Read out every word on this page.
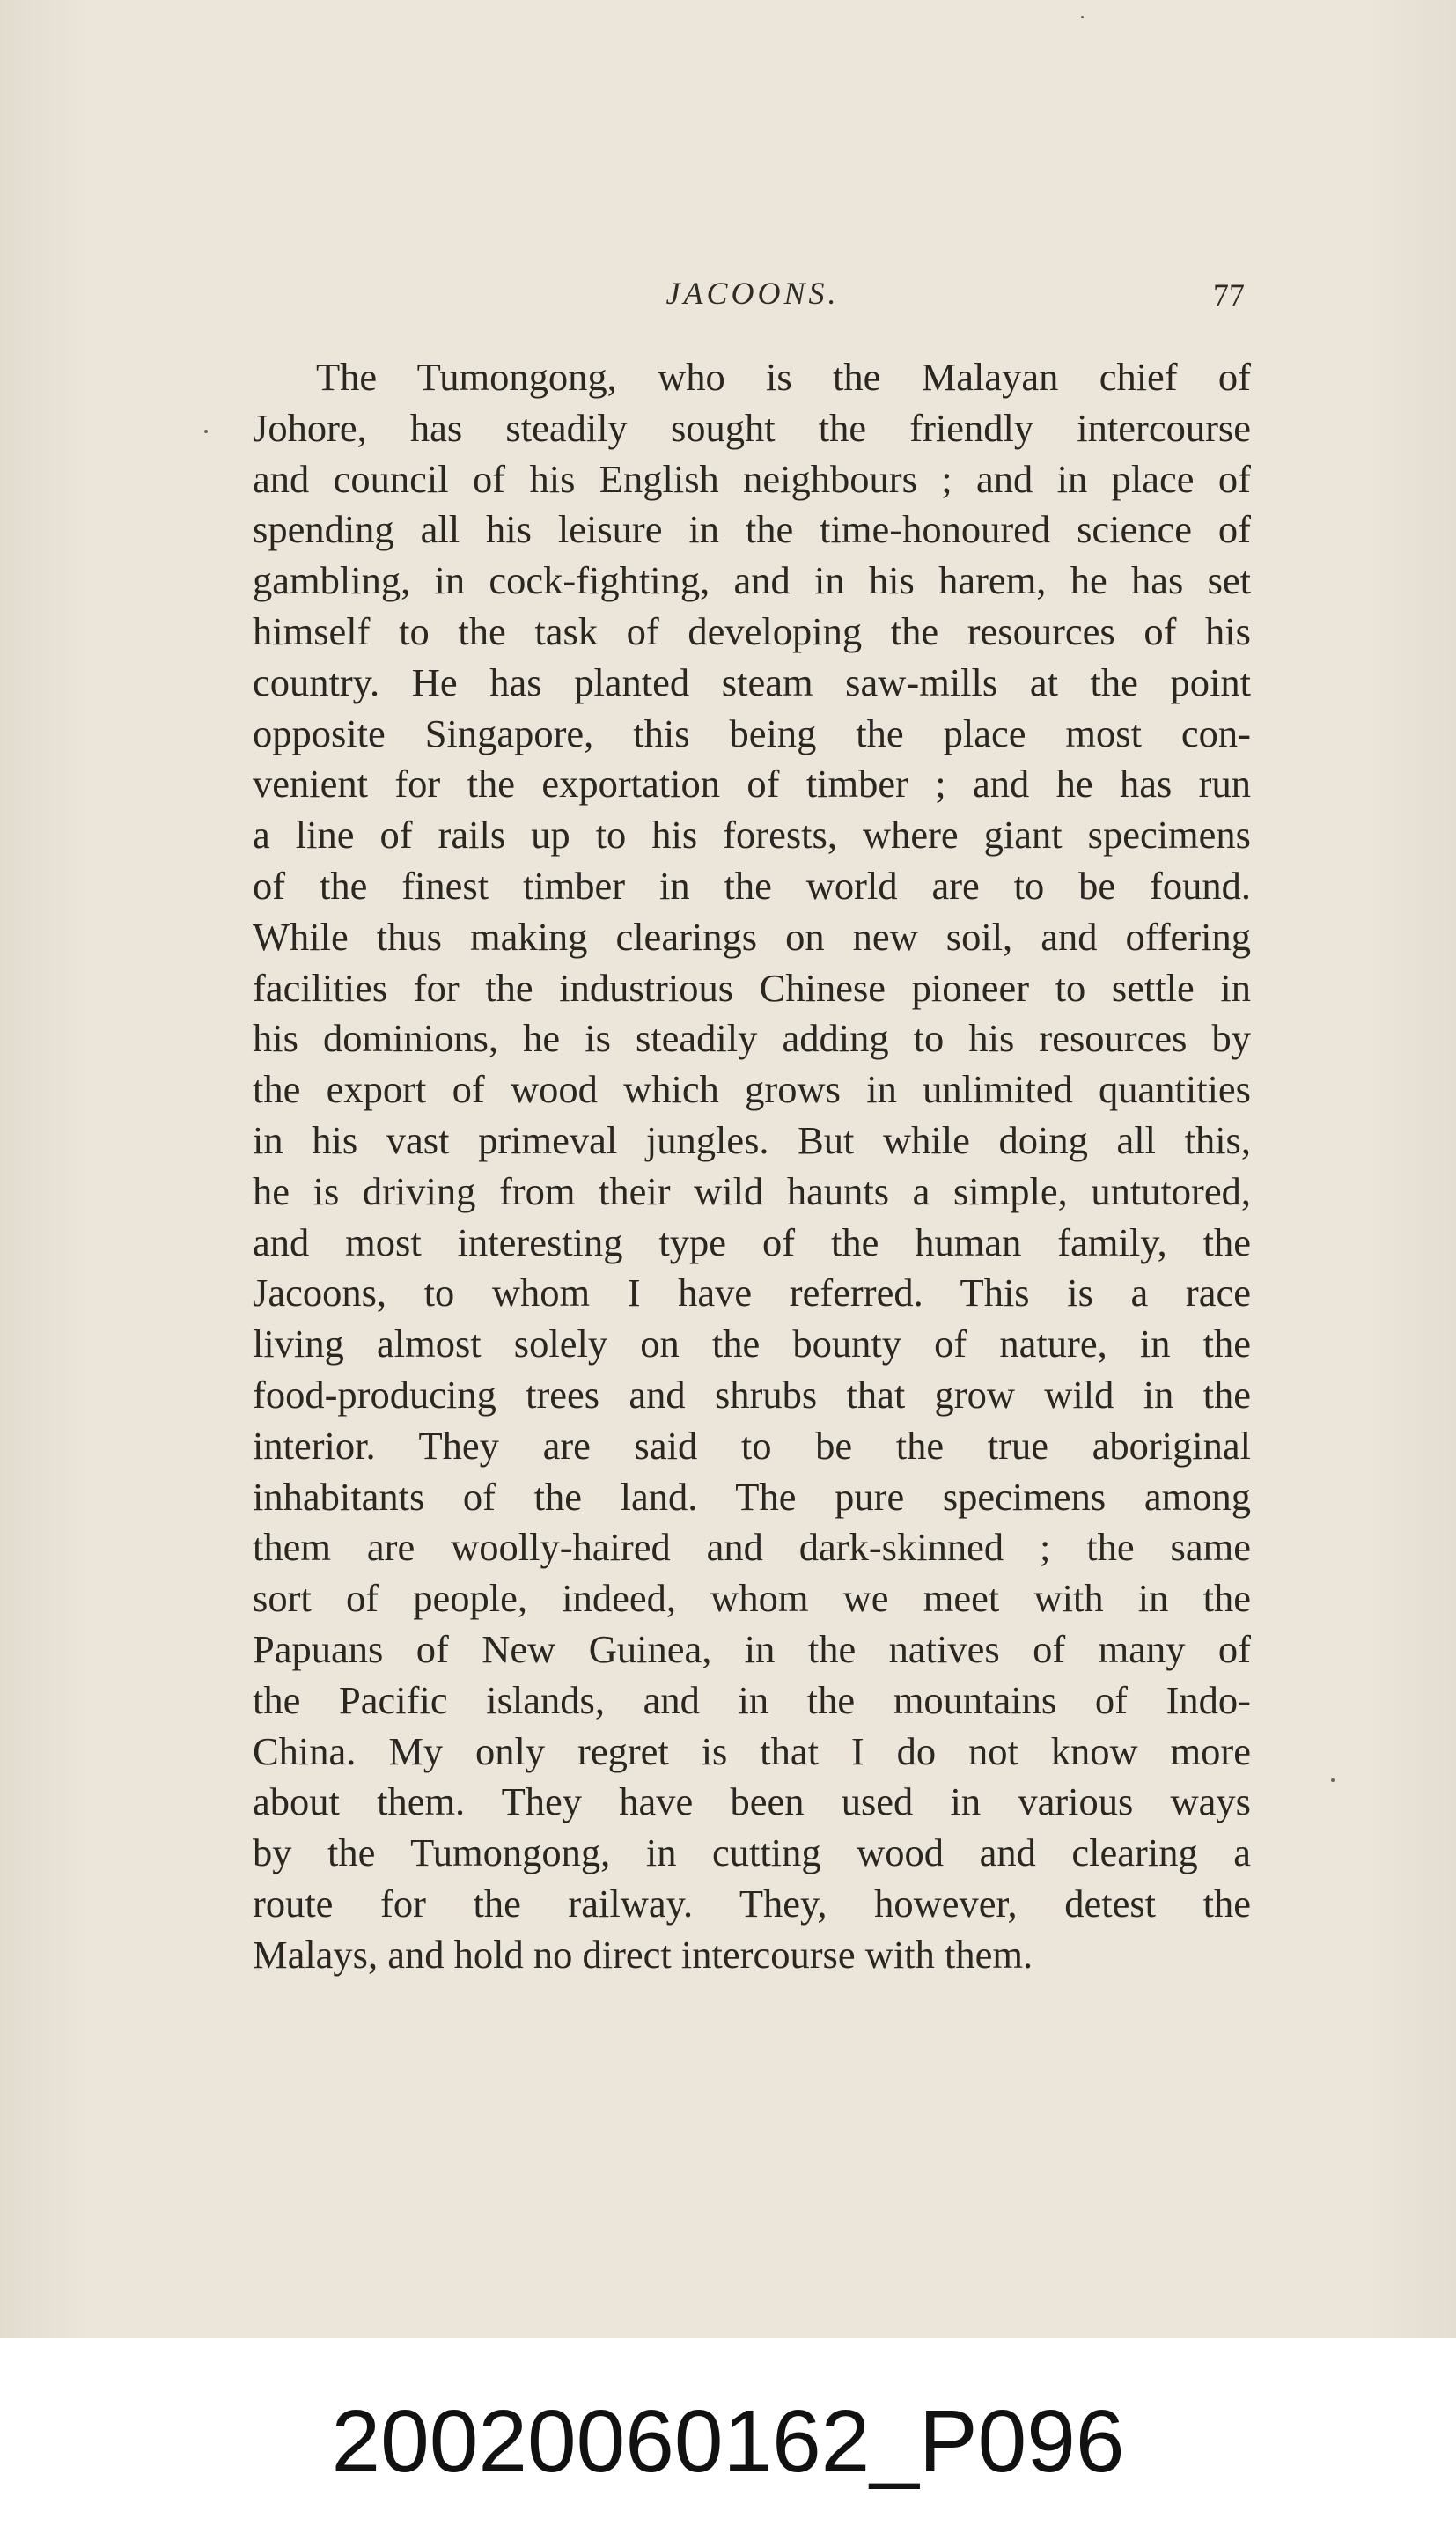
JACOONS.	77
The Tumongong, who is the Malayan chief of
Johore, has steadily sought the friendly intercourse
and council of his English neighbours ; and in place of
spending all his leisure in the time-honoured science of
gambling, in cock-fighting, and in his harem, he has set
himself to the task of developing the resources of his
country. He has planted steam saw-mills at the point
opposite Singapore, this being the place most con-
venient for the exportation of timber ; and he has run
a line of rails up to his forests, where giant specimens
of the finest timber in the world are to be found.
While thus making clearings on new soil, and offering
facilities for the industrious Chinese pioneer to settle in
his dominions, he is steadily adding to his resources by
the export of wood which grows in unlimited quantities
in his vast primeval jungles. But while doing all this,
he is driving from their wild haunts a simple, untutored,
and most interesting type of the human family, the
Jacoons, to whom I have referred. This is a race
living almost solely on the bounty of nature, in the
food-producing trees and shrubs that grow wild in the
interior. They are said to be the true aboriginal
inhabitants of the land. The pure specimens among
them are woolly-haired and dark-skinned ; the same
sort of people, indeed, whom we meet with in the
Papuans of New Guinea, in the natives of many of
the Pacific islands, and in the mountains of Indo-
China. My only regret is that I do not know more
about them. They have been used in various ways
by the Tumongong, in cutting wood and clearing a
route for the railway. They, however, detest the
Malays, and hold no direct intercourse with them.
20020060162_P096
